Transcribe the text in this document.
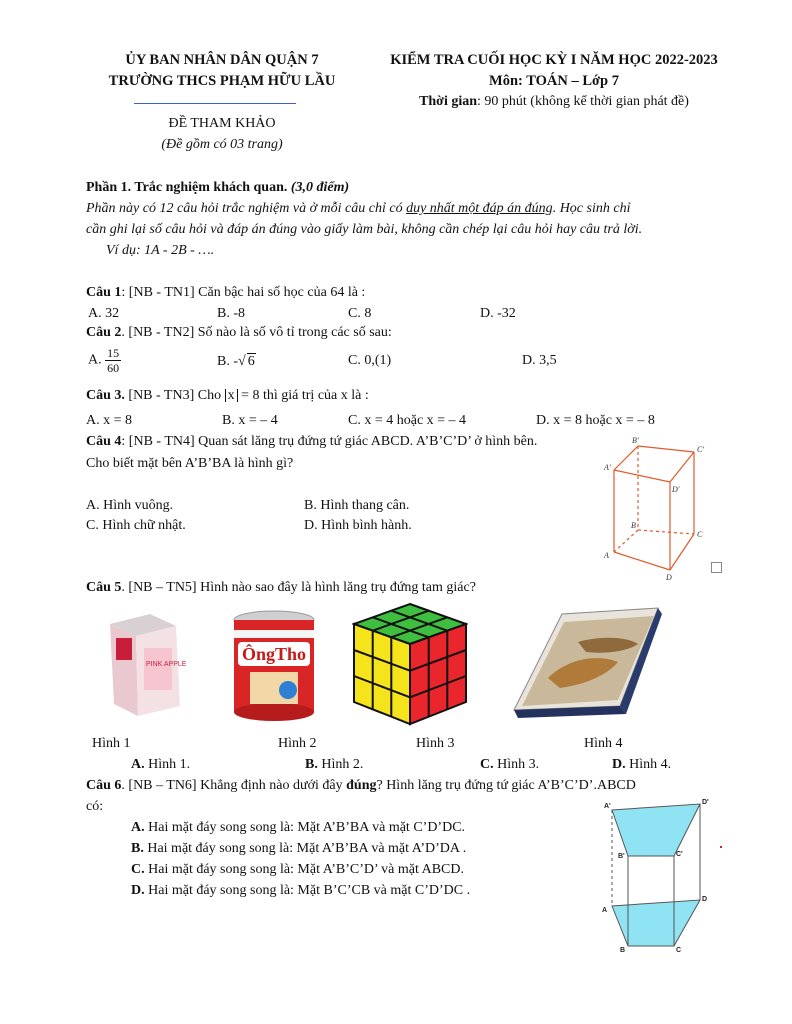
ỦY BAN NHÂN DÂN QUẬN 7
TRƯỜNG THCS PHẠM HỮU LẦU
KIỂM TRA CUỐI HỌC KỲ I NĂM HỌC 2022-2023
Môn: TOÁN – Lớp 7
Thời gian: 90 phút (không kể thời gian phát đề)
ĐỀ THAM KHẢO
(Đề gồm có 03 trang)
Phần 1. Trắc nghiệm khách quan. (3,0 điểm)
Phần này có 12 câu hỏi trắc nghiệm và ở mỗi câu chỉ có duy nhất một đáp án đúng. Học sinh chỉ
cần ghi lại số câu hỏi và đáp án đúng vào giấy làm bài, không cần chép lại câu hỏi hay câu trả lời.
Ví dụ: 1A - 2B - ….
Câu 1: [NB - TN1] Căn bậc hai số học của 64 là :
A. 32	B. -8	C. 8	D. -32
Câu 2. [NB - TN2] Số nào là số vô tỉ trong các số sau:
A. $\frac{15}{60}$	B. -√ 6	C. 0,(1)	D. 3,5
Câu 3. [NB - TN3] Cho x = 8 thì giá trị của x là :
A. x = 8	B. x = – 4	C. x = 4 hoặc x = – 4	D. x = 8 hoặc x = – 8
Câu 4: [NB - TN4] Quan sát lăng trụ đứng tứ giác ABCD. A’B’C’D’ ở hình bên.
Cho biết mặt bên A’B’BA là hình gì?
A. Hình vuông.	B. Hình thang cân.
C. Hình chữ nhật.	D. Hình bình hành.
B'
C'
A'
D'
B
C
A
D
Câu 5. [NB – TN5] Hình nào sao đây là hình lăng trụ đứng tam giác?
PINK APPLE
ÔngTho
Hình 1	Hình 2	Hình 3	Hình 4
A. Hình 1.	B. Hình 2.	C. Hình 3.	D. Hình 4.
Câu 6. [NB – TN6] Khẳng định nào dưới đây đúng? Hình lăng trụ đứng tứ giác A’B’C’D’.ABCD
có:
A. Hai mặt đáy song song là: Mặt A’B’BA và mặt C’D’DC.
B. Hai mặt đáy song song là: Mặt A’B’BA và mặt A’D’DA .
C. Hai mặt đáy song song là: Mặt A’B’C’D’ và mặt ABCD.
D. Hai mặt đáy song song là: Mặt B’C’CB và mặt C’D’DC .
A'
D'
B'	C'
A
D
B	C
